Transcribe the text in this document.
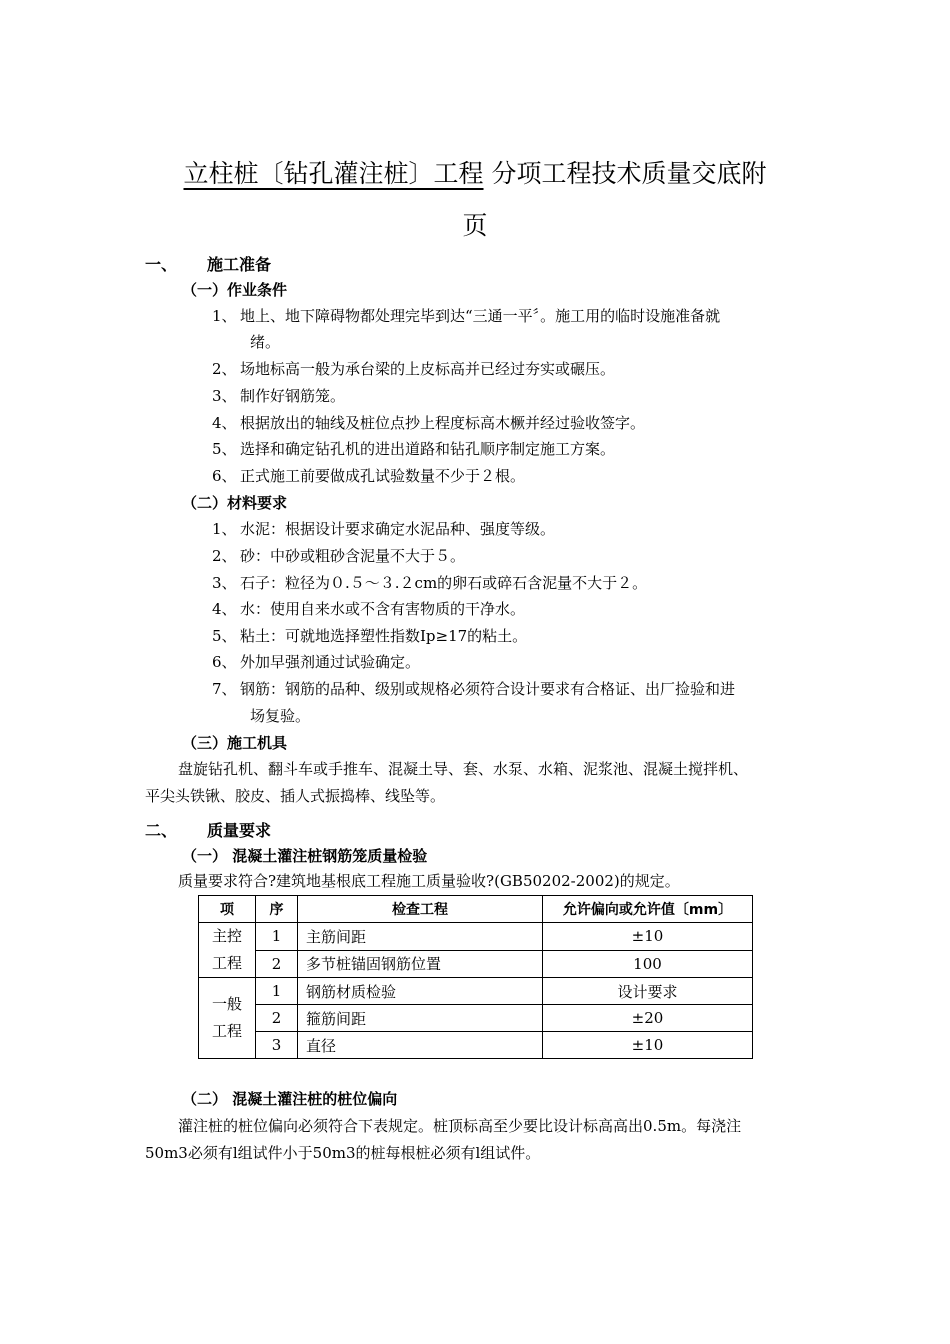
立柱桩〔钻孔灌注桩〕工程 分项工程技术质量交底附
页
一、 施工准备
（一）作业条件
1、 地上、地下障碍物都处理完毕到达“三通一平〞。施工用的临时设施准备就
绪。
2、 场地标高一般为承台梁的上皮标高并已经过夯实或碾压。
3、 制作好钢筋笼。
4、 根据放出的轴线及桩位点抄上程度标高木橛并经过验收签字。
5、 选择和确定钻孔机的进出道路和钻孔顺序制定施工方案。
6、 正式施工前要做成孔试验数量不少于２根。
（二）材料要求
1、 水泥：根据设计要求确定水泥品种、强度等级。
2、 砂：中砂或粗砂含泥量不大于５。
3、 石子：粒径为０.５～３.２cm的卵石或碎石含泥量不大于２。
4、 水：使用自来水或不含有害物质的干净水。
5、 粘土：可就地选择塑性指数Ip≥17的粘土。
6、 外加早强剂通过试验确定。
7、 钢筋：钢筋的品种、级别或规格必须符合设计要求有合格证、出厂捡验和进
场复验。
（三）施工机具
盘旋钻孔机、翻斗车或手推车、混凝土导、套、水泵、水箱、泥浆池、混凝土搅拌机、
平尖头铁锹、胶皮、插人式振捣棒、线坠等。
二、 质量要求
（一） 混凝土灌注桩钢筋笼质量检验
质量要求符合?建筑地基根底工程施工质量验收?(GB50202-2002)的规定。
项	序	检查工程	允许偏向或允许值〔mm〕
主控
工程	1	主筋间距	±10
	2	多节桩锚固钢筋位置	100
一般
工程	1	钢筋材质检验	设计要求
	2	箍筋间距	±20
	3	直径	±10
（二） 混凝土灌注桩的桩位偏向
灌注桩的桩位偏向必须符合下表规定。桩顶标高至少要比设计标高高出0.5m。每浇注
50m3必须有l组试件小于50m3的桩每根桩必须有l组试件。
